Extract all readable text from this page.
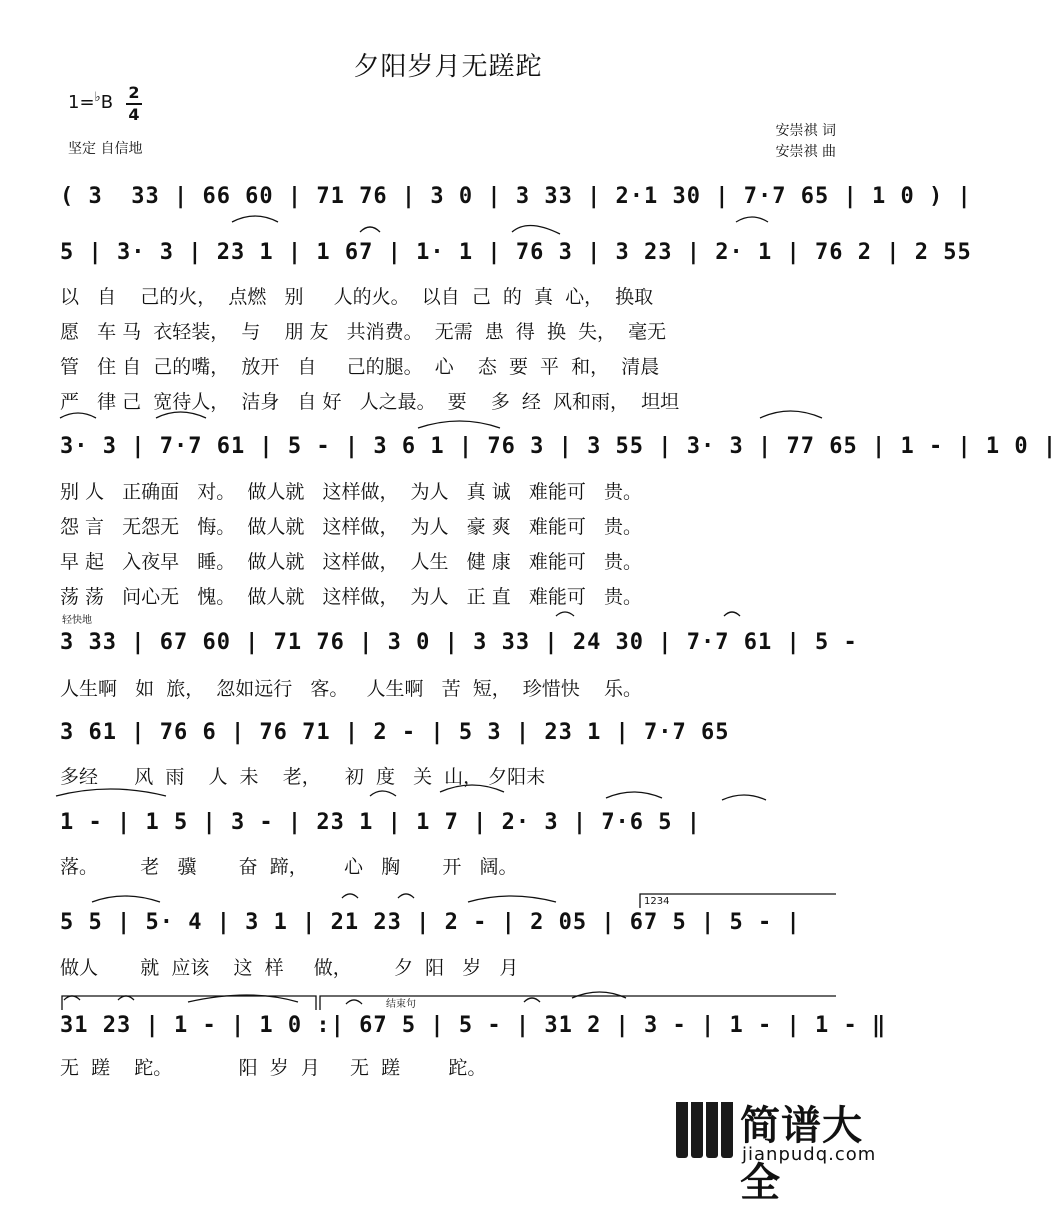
夕阳岁月无蹉跎
1=♭B 2
4
坚定 自信地
安崇祺 词
安崇祺 曲
( 3  33 | 66 60 | 71 76 | 3 0 | 3 33 | 2·1 30 | 7·7 65 | 1 0 ) |
5 | 3· 3 | 23 1 | 1 67 | 1· 1 | 76 3 | 3 23 | 2· 1 | 76 2 | 2 55
以   自    己的火，  点燃   别     人的火。  以自  己  的  真  心，  换取
愿   车 马  衣轻装，  与    朋 友   共消费。  无需  患  得  换  失，  毫无
管   住 自  己的嘴，  放开   自     己的腿。  心    态  要  平  和，  清晨
严   律 己  宽待人，  洁身   自 好   人之最。  要    多  经  风和雨，  坦坦
3· 3 | 7·7 61 | 5 - | 3 6 1 | 76 3 | 3 55 | 3· 3 | 77 65 | 1 - | 1 0 |
别 人   正确面   对。  做人就   这样做，  为人   真 诚   难能可   贵。
怨 言   无怨无   悔。  做人就   这样做，  为人   豪 爽   难能可   贵。
早 起   入夜早   睡。  做人就   这样做，  人生   健 康   难能可   贵。
荡 荡   问心无   愧。  做人就   这样做，  为人   正 直   难能可   贵。
轻快地
3 33 | 67 60 | 71 76 | 3 0 | 3 33 | 24 30 | 7·7 61 | 5 -
人生啊   如  旅，  忽如远行   客。   人生啊   苦  短，  珍惜快    乐。
3 61 | 76 6 | 76 71 | 2 - | 5 3 | 23 1 | 7·7 65
多经      风  雨    人  未    老，    初  度   关  山， 夕阳末
1 - | 1 5 | 3 - | 23 1 | 1 7 | 2· 3 | 7·6 5 |
落。       老   骥       奋  蹄，      心   胸       开   阔。
1234
5 5 | 5· 4 | 3 1 | 21 23 | 2 - | 2 05 | 67 5 | 5 - |
做人       就  应该    这  样     做，       夕  阳   岁   月
结束句
31 23 | 1 - | 1 0 :| 67 5 | 5 - | 31 2 | 3 - | 1 - | 1 - ‖
无  蹉    跎。           阳  岁  月     无  蹉        跎。
简谱大全
jianpudq.com
